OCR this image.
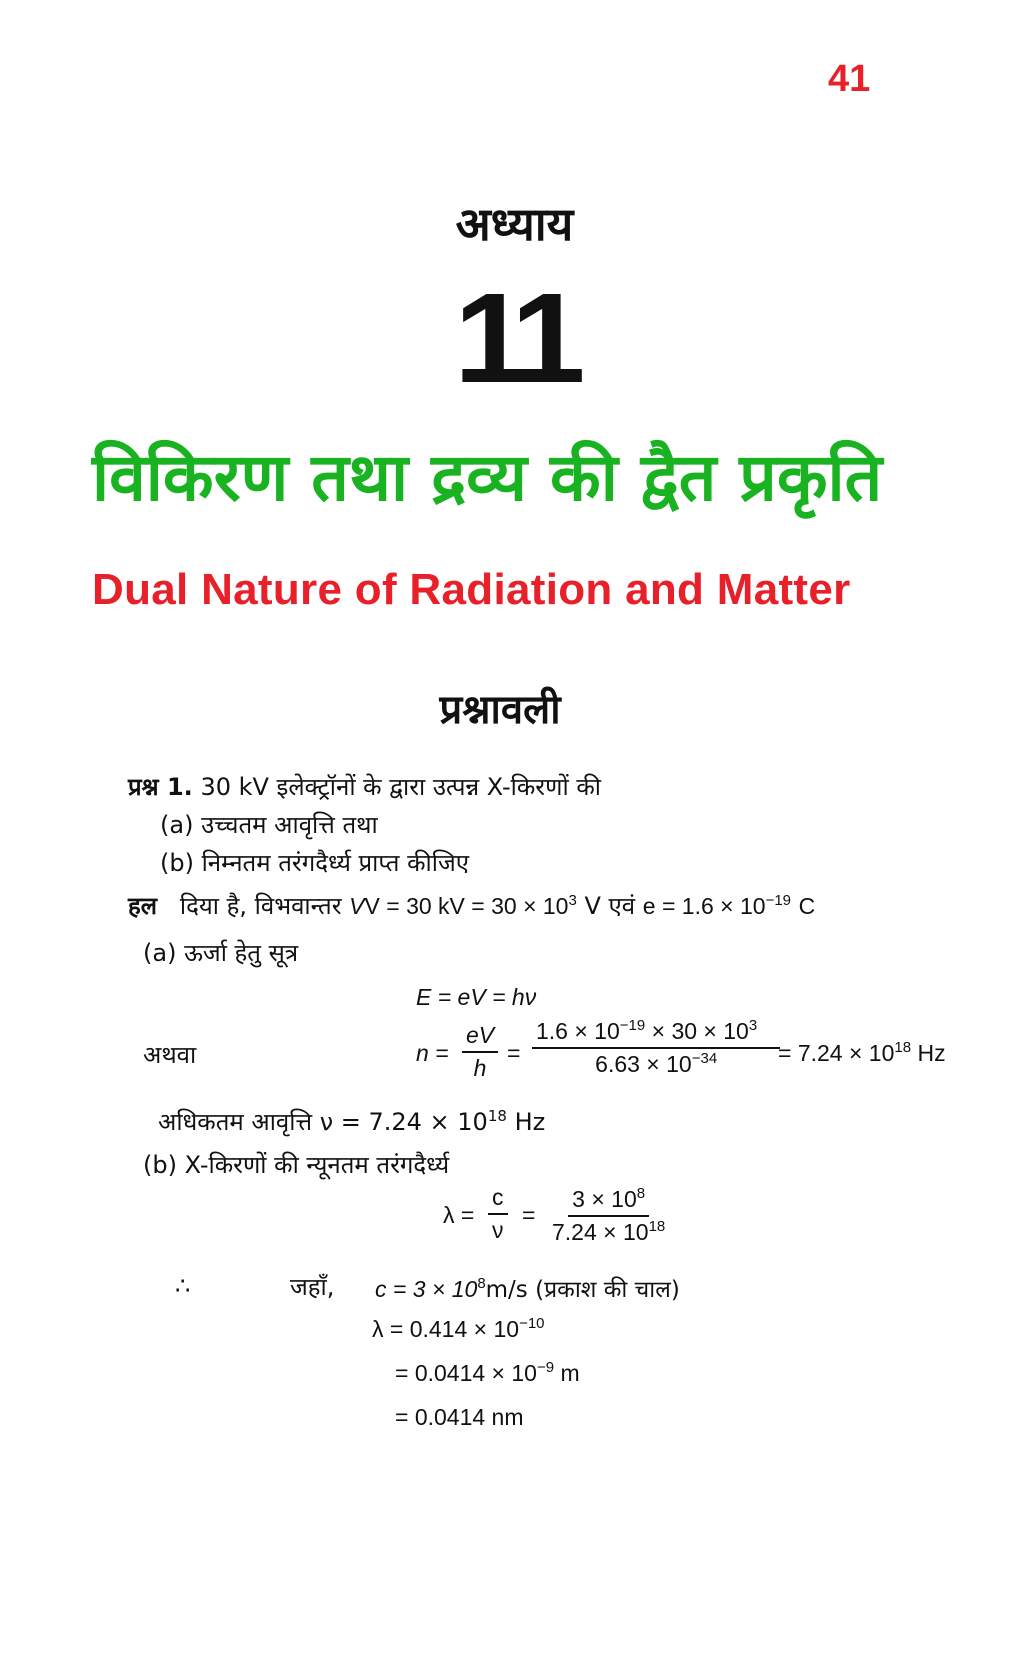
41
अध्याय
11
विकिरण तथा द्रव्य की द्वैत प्रकृति
Dual Nature of Radiation and Matter
प्रश्नावली
प्रश्न 1. 30 kV इलेक्ट्रॉनों के द्वारा उत्पन्न X-किरणों की
(a) उच्चतम आवृत्ति तथा
(b) निम्नतम तरंगदैर्ध्य प्राप्त कीजिए
हल दिया है, विभवान्तर VV = 30 kV = $30 \times 10^3$ V एवं $e = 1.6 \times 10^{-19}$ C
(a) ऊर्जा हेतु सूत्र
E = eV = hν
अथवा	$n = \frac{eV}{h} = \frac{1.6 \times 10^{-19} \times 30 \times 10^3}{6.63 \times 10^{-34}}$
= $7.24 \times 10^{18}$ Hz
अधिकतम आवृत्ति $\nu = 7.24 \times 10^{18}$ Hz
(b) X-किरणों की न्यूनतम तरंगदैर्ध्य
$\lambda = \frac{c}{\nu} = \frac{3 \times 10^8}{7.24 \times 10^{18}}$
∴	जहाँ, $c = 3 \times 10^8m/s$ (प्रकाश की चाल)
$\lambda = 0.414 \times 10^{-10}$
= $0.0414 \times 10^{-9}$ m
= 0.0414 nm
